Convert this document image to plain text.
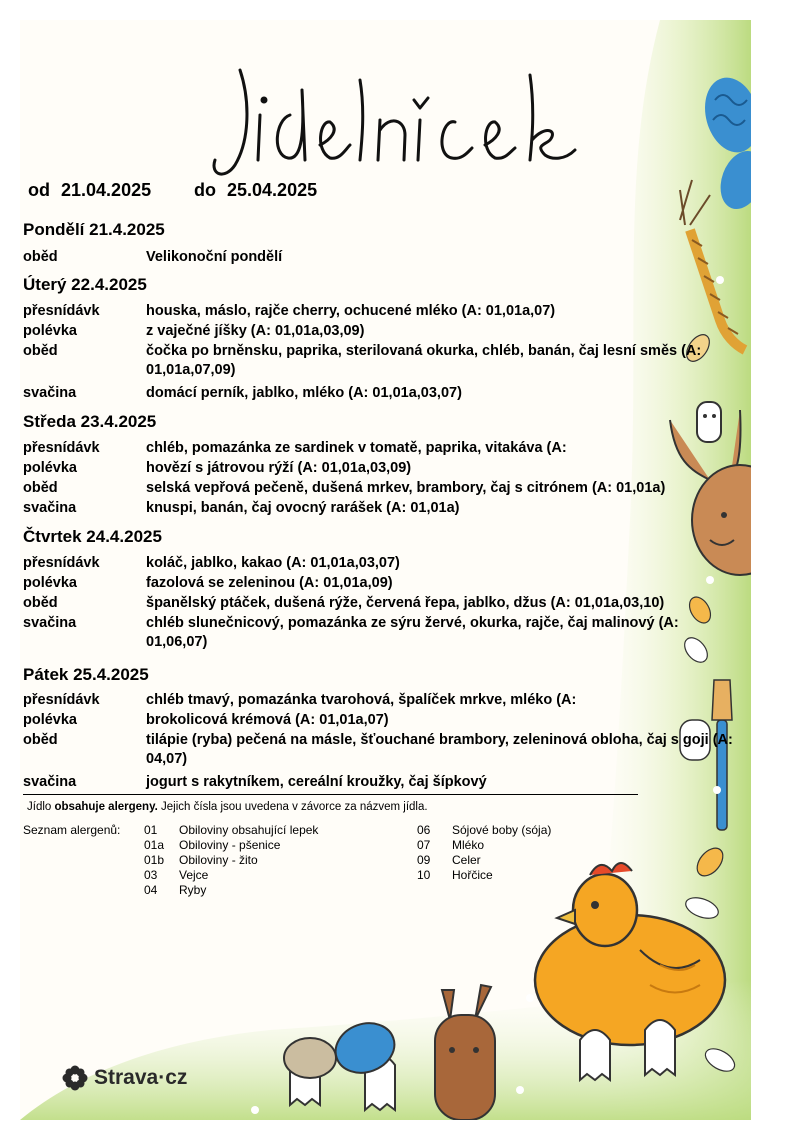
od 21.04.2025 do 25.04.2025
Pondělí 21.4.2025
oběd	Velikonoční pondělí
Úterý 22.4.2025
přesnídávk	houska, máslo, rajče cherry, ochucené mléko (A: 01,01a,07)
polévka	z vaječné jíšky (A: 01,01a,03,09)
oběd	čočka po brněnsku, paprika, sterilovaná okurka, chléb, banán, čaj lesní směs (A: 01,01a,07,09)
svačina	domácí perník, jablko, mléko (A: 01,01a,03,07)
Středa 23.4.2025
přesnídávk	chléb, pomazánka ze sardinek v tomatě, paprika, vitakáva (A:
polévka	hovězí s játrovou rýží (A: 01,01a,03,09)
oběd	selská vepřová pečeně, dušená mrkev, brambory, čaj s citrónem (A: 01,01a)
svačina	knuspi, banán, čaj ovocný rarášek (A: 01,01a)
Čtvrtek 24.4.2025
přesnídávk	koláč, jablko, kakao (A: 01,01a,03,07)
polévka	fazolová se zeleninou (A: 01,01a,09)
oběd	španělský ptáček, dušená rýže, červená řepa, jablko, džus (A: 01,01a,03,10)
svačina	chléb slunečnicový, pomazánka ze sýru žervé, okurka, rajče, čaj malinový (A: 01,06,07)
Pátek 25.4.2025
přesnídávk	chléb tmavý, pomazánka tvarohová, špalíček mrkve, mléko (A:
polévka	brokolicová krémová (A: 01,01a,07)
oběd	tilápie (ryba) pečená na másle, šťouchané brambory, zeleninová obloha, čaj s goji (A: 04,07)
svačina	jogurt s rakytníkem, cereální kroužky, čaj šípkový
Jídlo obsahuje alergeny. Jejich čísla jsou uvedena v závorce za názvem jídla.
Seznam alergenů: 01	Obiloviny obsahující lepek
01a	Obiloviny - pšenice
01b	Obiloviny - žito
03	Vejce
04	Ryby
06	Sójové boby (sója)
07	Mléko
09	Celer
10	Hořčice
Strava·cz
